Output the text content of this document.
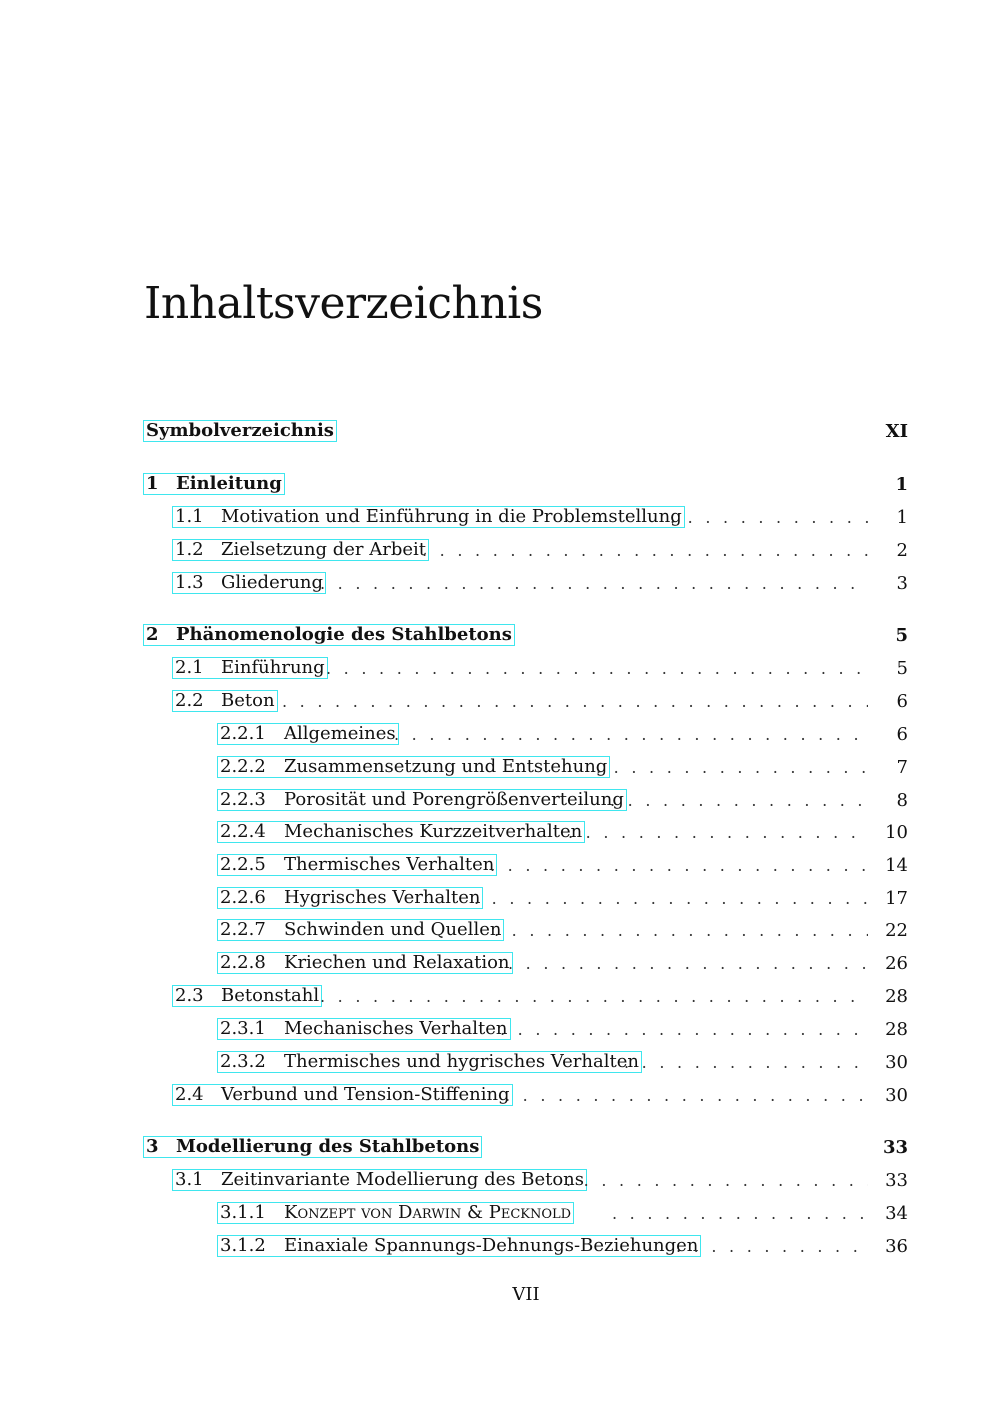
Inhaltsverzeichnis
Symbolverzeichnis	XI
1 Einleitung	1
1.1 Motivation und Einführung in die Problemstellung . . .	1
1.2 Zielsetzung der Arbeit . . .	2
1.3 Gliederung . . .	3
2 Phänomenologie des Stahlbetons	5
2.1 Einführung . . .	5
2.2 Beton . . .	6
2.2.1	Allgemeines . . .	6
2.2.2	Zusammensetzung und Entstehung . . .	7
2.2.3	Porosität und Porengrößenverteilung . . .	8
2.2.4	Mechanisches Kurzzeitverhalten . . .	10
2.2.5	Thermisches Verhalten . . .	14
2.2.6	Hygrisches Verhalten . . .	17
2.2.7	Schwinden und Quellen . . .	22
2.2.8	Kriechen und Relaxation . . .	26
2.3 Betonstahl . . .	28
2.3.1	Mechanisches Verhalten . . .	28
2.3.2	Thermisches und hygrisches Verhalten . . .	30
2.4 Verbund und Tension-Stiffening . . .	30
3 Modellierung des Stahlbetons	33
3.1 Zeitinvariante Modellierung des Betons . . .	33
3.1.1	Konzept von Darwin & Pecknold . . .	34
3.1.2	Einaxiale Spannungs-Dehnungs-Beziehungen . . .	36
VII
